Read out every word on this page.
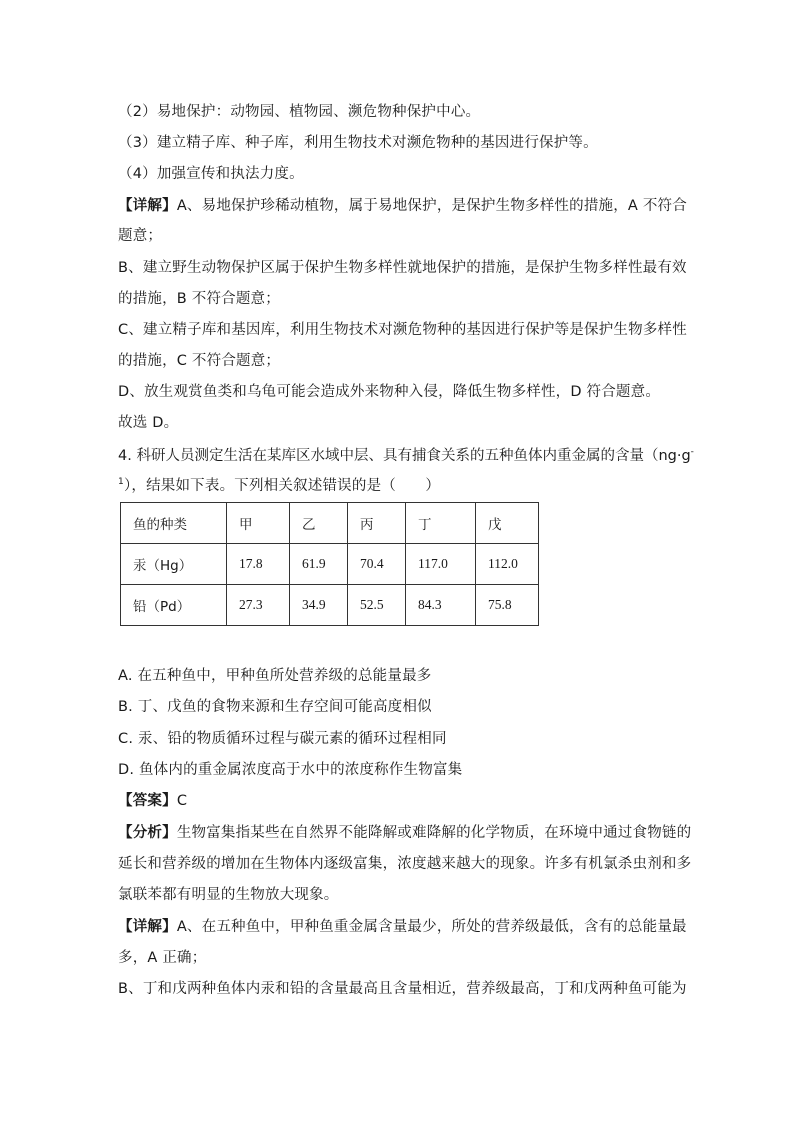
（2）易地保护：动物园、植物园、濒危物种保护中心。
（3）建立精子库、种子库，利用生物技术对濒危物种的基因进行保护等。
（4）加强宣传和执法力度。
【详解】A、易地保护珍稀动植物，属于易地保护，是保护生物多样性的措施，A 不符合
题意；
B、建立野生动物保护区属于保护生物多样性就地保护的措施，是保护生物多样性最有效
的措施，B 不符合题意；
C、建立精子库和基因库，利用生物技术对濒危物种的基因进行保护等是保护生物多样性
的措施，C 不符合题意；
D、放生观赏鱼类和乌龟可能会造成外来物种入侵，降低生物多样性，D 符合题意。
故选 D。
4. 科研人员测定生活在某库区水域中层、具有捕食关系的五种鱼体内重金属的含量（ng·g-
$^1$），结果如下表。下列相关叙述错误的是（　　）
鱼的种类	甲	乙	丙	丁	戊
汞（Hg）	17.8	61.9	70.4	117.0	112.0
铅（Pd）	27.3	34.9	52.5	84.3	75.8
A. 在五种鱼中，甲种鱼所处营养级的总能量最多
B. 丁、戊鱼的食物来源和生存空间可能高度相似
C. 汞、铅的物质循环过程与碳元素的循环过程相同
D. 鱼体内的重金属浓度高于水中的浓度称作生物富集
【答案】C
【分析】生物富集指某些在自然界不能降解或难降解的化学物质，在环境中通过食物链的
延长和营养级的增加在生物体内逐级富集，浓度越来越大的现象。许多有机氯杀虫剂和多
氯联苯都有明显的生物放大现象。
【详解】A、在五种鱼中，甲种鱼重金属含量最少，所处的营养级最低，含有的总能量最
多，A 正确；
B、丁和戊两种鱼体内汞和铅的含量最高且含量相近，营养级最高，丁和戊两种鱼可能为
